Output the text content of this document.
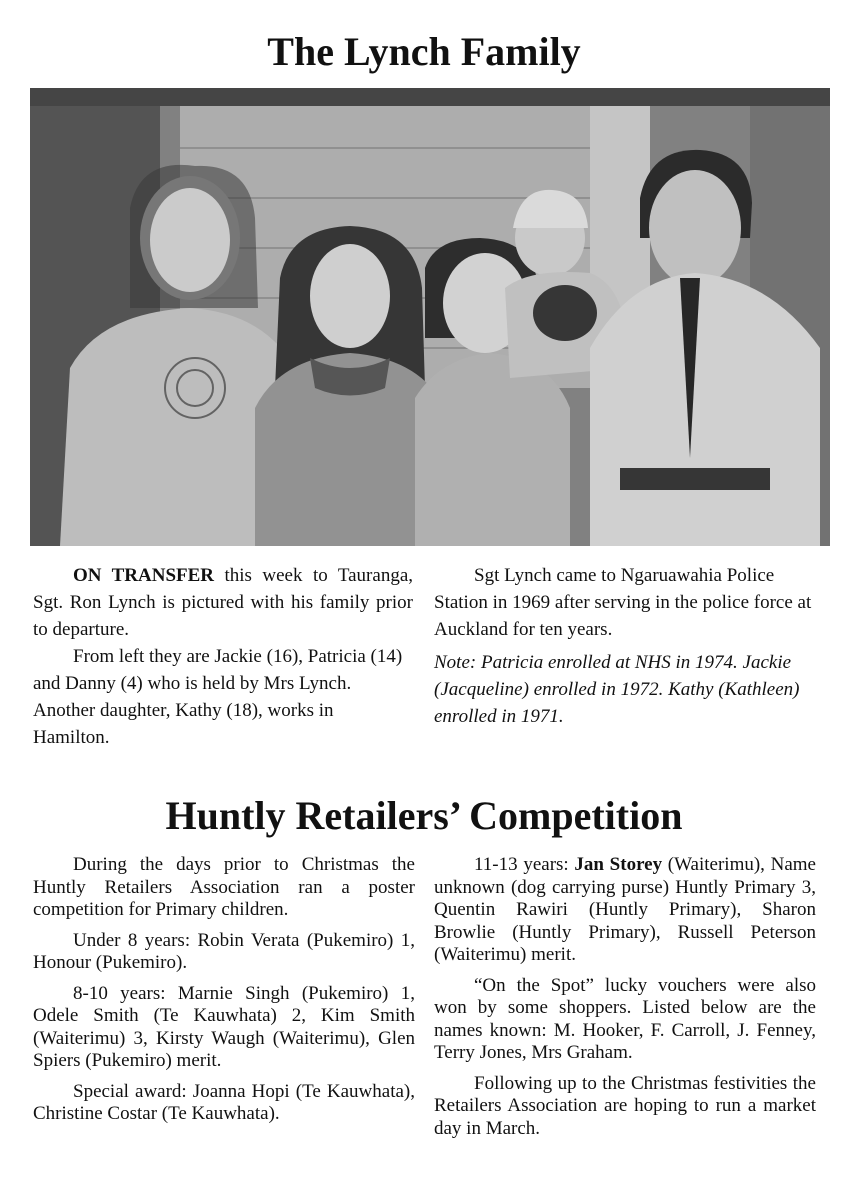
The Lynch Family

ON TRANSFER this week to Tauranga, Sgt. Ron Lynch is pictured with his family prior to departure.

From left they are Jackie (16), Patricia (14) and Danny (4) who is held by Mrs Lynch. Another daughter, Kathy (18), works in Hamilton.

Sgt Lynch came to Ngaruawahia Police Station in 1969 after serving in the police force at Auckland for ten years.

Note: Patricia enrolled at NHS in 1974. Jackie (Jacqueline) enrolled in 1972. Kathy (Kathleen) enrolled in 1971.

Huntly Retailers’ Competition

During the days prior to Christmas the Huntly Retailers Association ran a poster competition for Primary children.

Under 8 years: Robin Verata (Pukemiro) 1, Honour (Pukemiro).

8-10 years: Marnie Singh (Pukemiro) 1, Odele Smith (Te Kauwhata) 2, Kim Smith (Waiterimu) 3, Kirsty Waugh (Waiterimu), Glen Spiers (Pukemiro) merit.

Special award: Joanna Hopi (Te Kauwhata), Christine Costar (Te Kauwhata).

11-13 years: Jan Storey (Waiterimu), Name unknown (dog carrying purse) Huntly Primary 3, Quentin Rawiri (Huntly Primary), Sharon Browlie (Huntly Primary), Russell Peterson (Waiterimu) merit.

“On the Spot” lucky vouchers were also won by some shoppers. Listed below are the names known: M. Hooker, F. Carroll, J. Fenney, Terry Jones, Mrs Graham.

Following up to the Christmas festivities the Retailers Association are hoping to run a market day in March.
